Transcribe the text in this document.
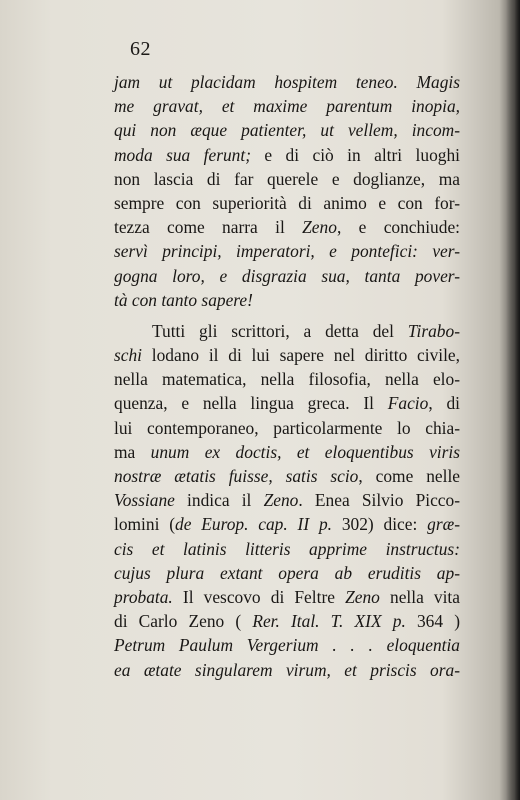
62
jam ut placidam hospitem teneo. Magis
me gravat, et maxime parentum inopia,
qui non æque patienter, ut vellem, incom-
moda sua ferunt; e di ciò in altri luoghi
non lascia di far querele e doglianze, ma
sempre con superiorità di animo e con for-
tezza come narra il Zeno, e conchiude:
servì principi, imperatori, e pontefici: ver-
gogna loro, e disgrazia sua, tanta pover-
tà con tanto sapere!
Tutti gli scrittori, a detta del Tirabo-
schi lodano il di lui sapere nel diritto civile,
nella matematica, nella filosofia, nella elo-
quenza, e nella lingua greca. Il Facio, di
lui contemporaneo, particolarmente lo chia-
ma unum ex doctis, et eloquentibus viris
nostræ ætatis fuisse, satis scio, come nelle
Vossiane indica il Zeno. Enea Silvio Picco-
lomini (de Europ. cap. II p. 302) dice: græ-
cis et latinis litteris apprime instructus:
cujus plura extant opera ab eruditis ap-
probata. Il vescovo di Feltre Zeno nella vita
di Carlo Zeno ( Rer. Ital. T. XIX p. 364 )
Petrum Paulum Vergerium . . . eloquentia
ea ætate singularem virum, et priscis ora-
